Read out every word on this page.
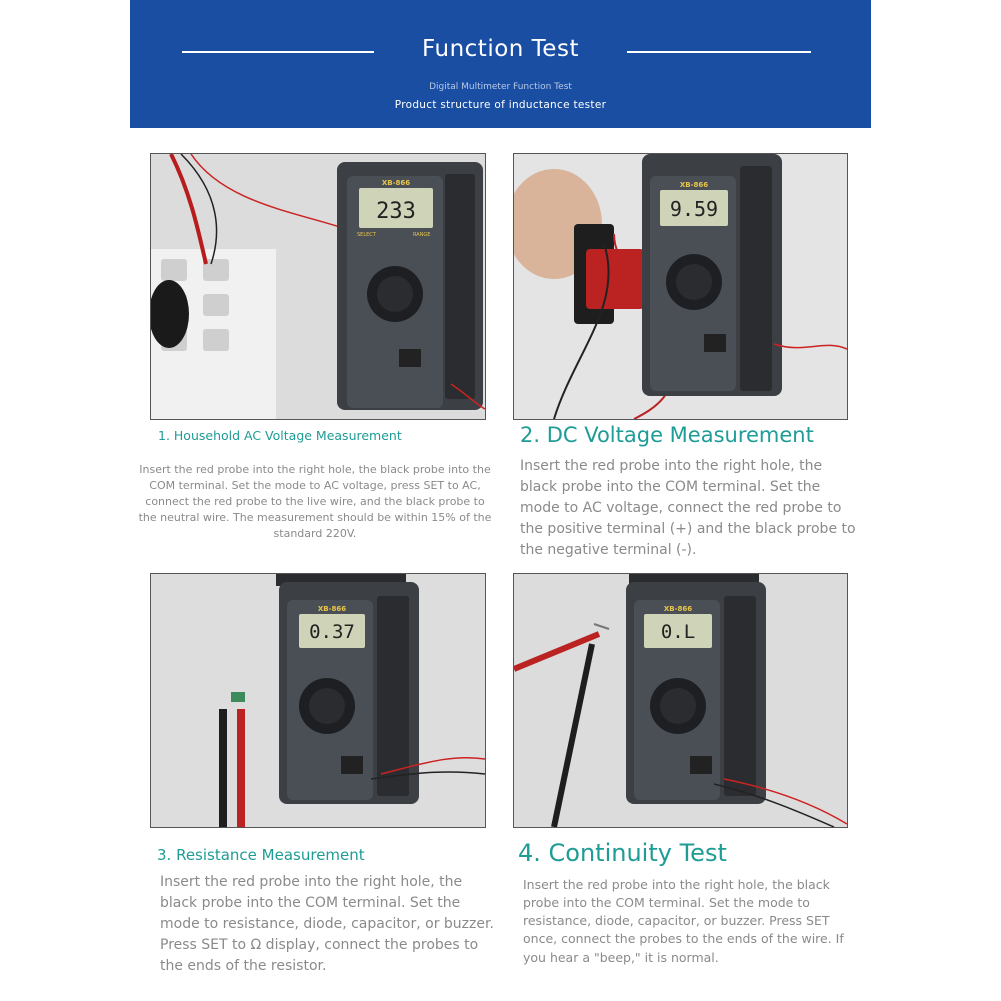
Function Test
Digital Multimeter Function Test
Product structure of inductance tester
233
XB-866
SELECT	RANGE
9.59
XB-866
0.37
XB-866
0.L
XB-866
1. Household AC Voltage Measurement	2. DC Voltage Measurement
3. Resistance Measurement	4. Continuity Test
Insert the red probe into the right hole, the black probe into the COM terminal. Set the mode to AC voltage, press SET to AC, connect the red probe to the live wire, and the black probe to the neutral wire. The measurement should be within 15% of the standard 220V.
Insert the red probe into the right hole, the black probe into the COM terminal. Set the mode to AC voltage, connect the red probe to the positive terminal (+) and the black probe to the negative terminal (-).
Insert the red probe into the right hole, the black probe into the COM terminal. Set the mode to resistance, diode, capacitor, or buzzer. Press SET to Ω display, connect the probes to the ends of the resistor.
Insert the red probe into the right hole, the black probe into the COM terminal. Set the mode to resistance, diode, capacitor, or buzzer. Press SET once, connect the probes to the ends of the wire. If you hear a "beep," it is normal.
